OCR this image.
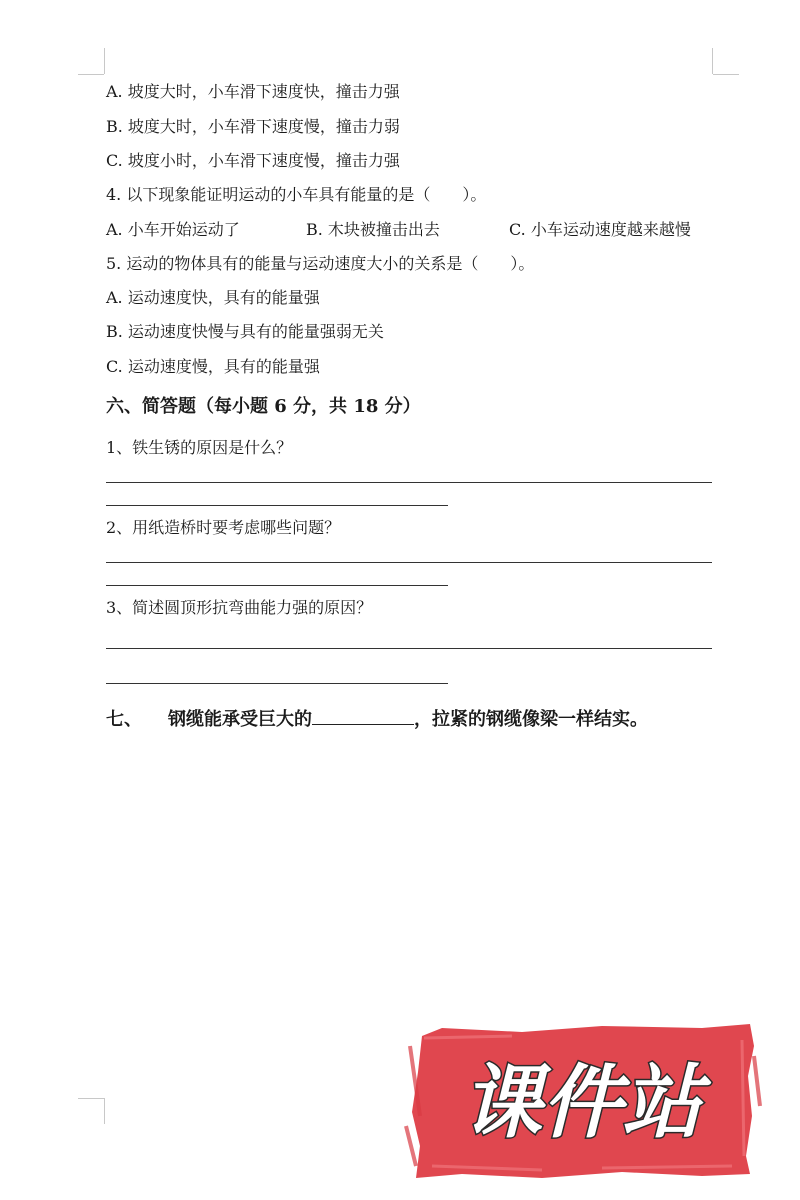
A. 坡度大时，小车滑下速度快，撞击力强
B. 坡度大时，小车滑下速度慢，撞击力弱
C. 坡度小时，小车滑下速度慢，撞击力强
4. 以下现象能证明运动的小车具有能量的是（　　）。
A. 小车开始运动了	B. 木块被撞击出去	C. 小车运动速度越来越慢
5. 运动的物体具有的能量与运动速度大小的关系是（　　）。
A. 运动速度快，具有的能量强
B. 运动速度快慢与具有的能量强弱无关
C. 运动速度慢，具有的能量强
六、简答题（每小题 6 分，共 18 分）
1、铁生锈的原因是什么？
2、用纸造桥时要考虑哪些问题？
3、简述圆顶形抗弯曲能力强的原因？
七、 钢缆能承受巨大的	，拉紧的钢缆像梁一样结实。
课件站
